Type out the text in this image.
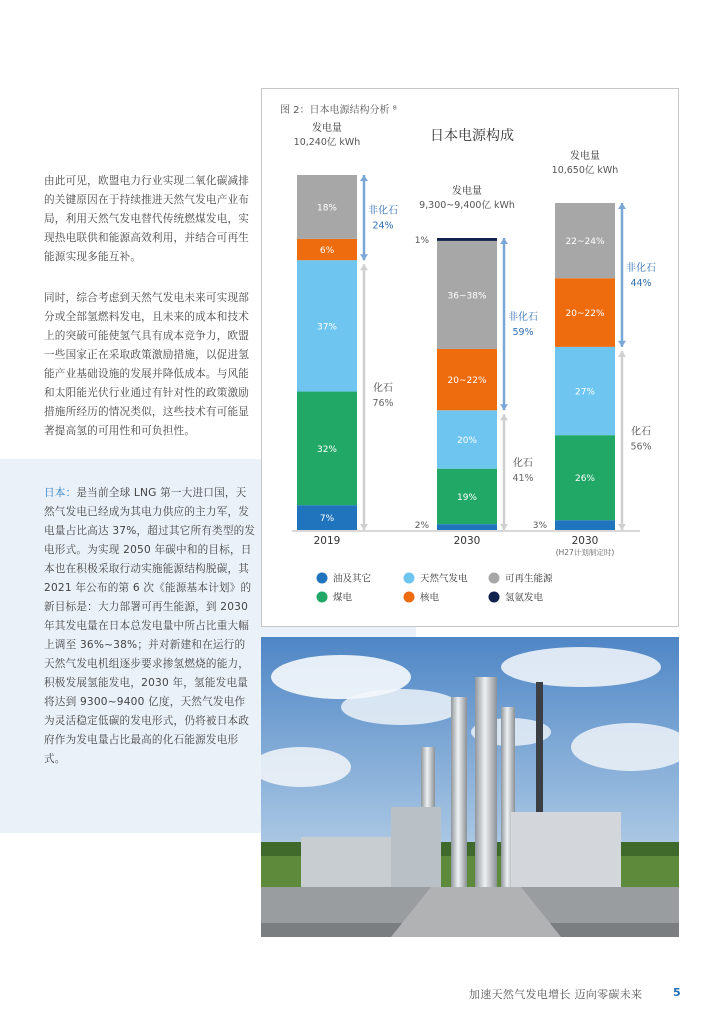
由此可见，欧盟电力行业实现二氧化碳减排的关键原因在于持续推进天然气发电产业布局，利用天然气发电替代传统燃煤发电，实现热电联供和能源高效利用，并结合可再生能源实现多能互补。
同时，综合考虑到天然气发电未来可实现部分或全部氢燃料发电，且未来的成本和技术上的突破可能使氢气具有成本竞争力，欧盟一些国家正在采取政策激励措施，以促进氢能产业基础设施的发展并降低成本。与风能和太阳能光伏行业通过有针对性的政策激励措施所经历的情况类似，这些技术有可能显著提高氢的可用性和可负担性。
日本：是当前全球 LNG 第一大进口国，天然气发电已经成为其电力供应的主力军，发电量占比高达 37%，超过其它所有类型的发电形式。为实现 2050 年碳中和的目标，日本也在积极采取行动实施能源结构脱碳，其 2021 年公布的第 6 次《能源基本计划》的新目标是：大力部署可再生能源，到 2030 年其发电量在日本总发电量中所占比重大幅上调至 36%~38%；并对新建和在运行的天然气发电机组逐步要求掺氢燃烧的能力，积极发展氢能发电，2030 年，氢能发电量将达到 9300~9400 亿度，天然气发电作为灵活稳定低碳的发电形式，仍将被日本政府作为发电量占比最高的化石能源发电形式。
图 2：日本电源结构分析 ⁸
日本电源构成
7%
32%
37%
6%
18%
发电量
10,240亿 kWh
2019
19%
20%
20~22%
36~38%
发电量
9,300~9,400亿 kWh
2030
26%
27%
20~22%
22~24%
发电量
10,650亿 kWh
2030
(H27计划制定时)
2%	3%
1%
非化石
24%
化石
76%
非化石
59%
化石
41%
非化石
44%
化石
56%
油及其它	天然气发电	可再生能源
煤电	核电	氢氨发电
加速天然气发电增长 迈向零碳未来	5
